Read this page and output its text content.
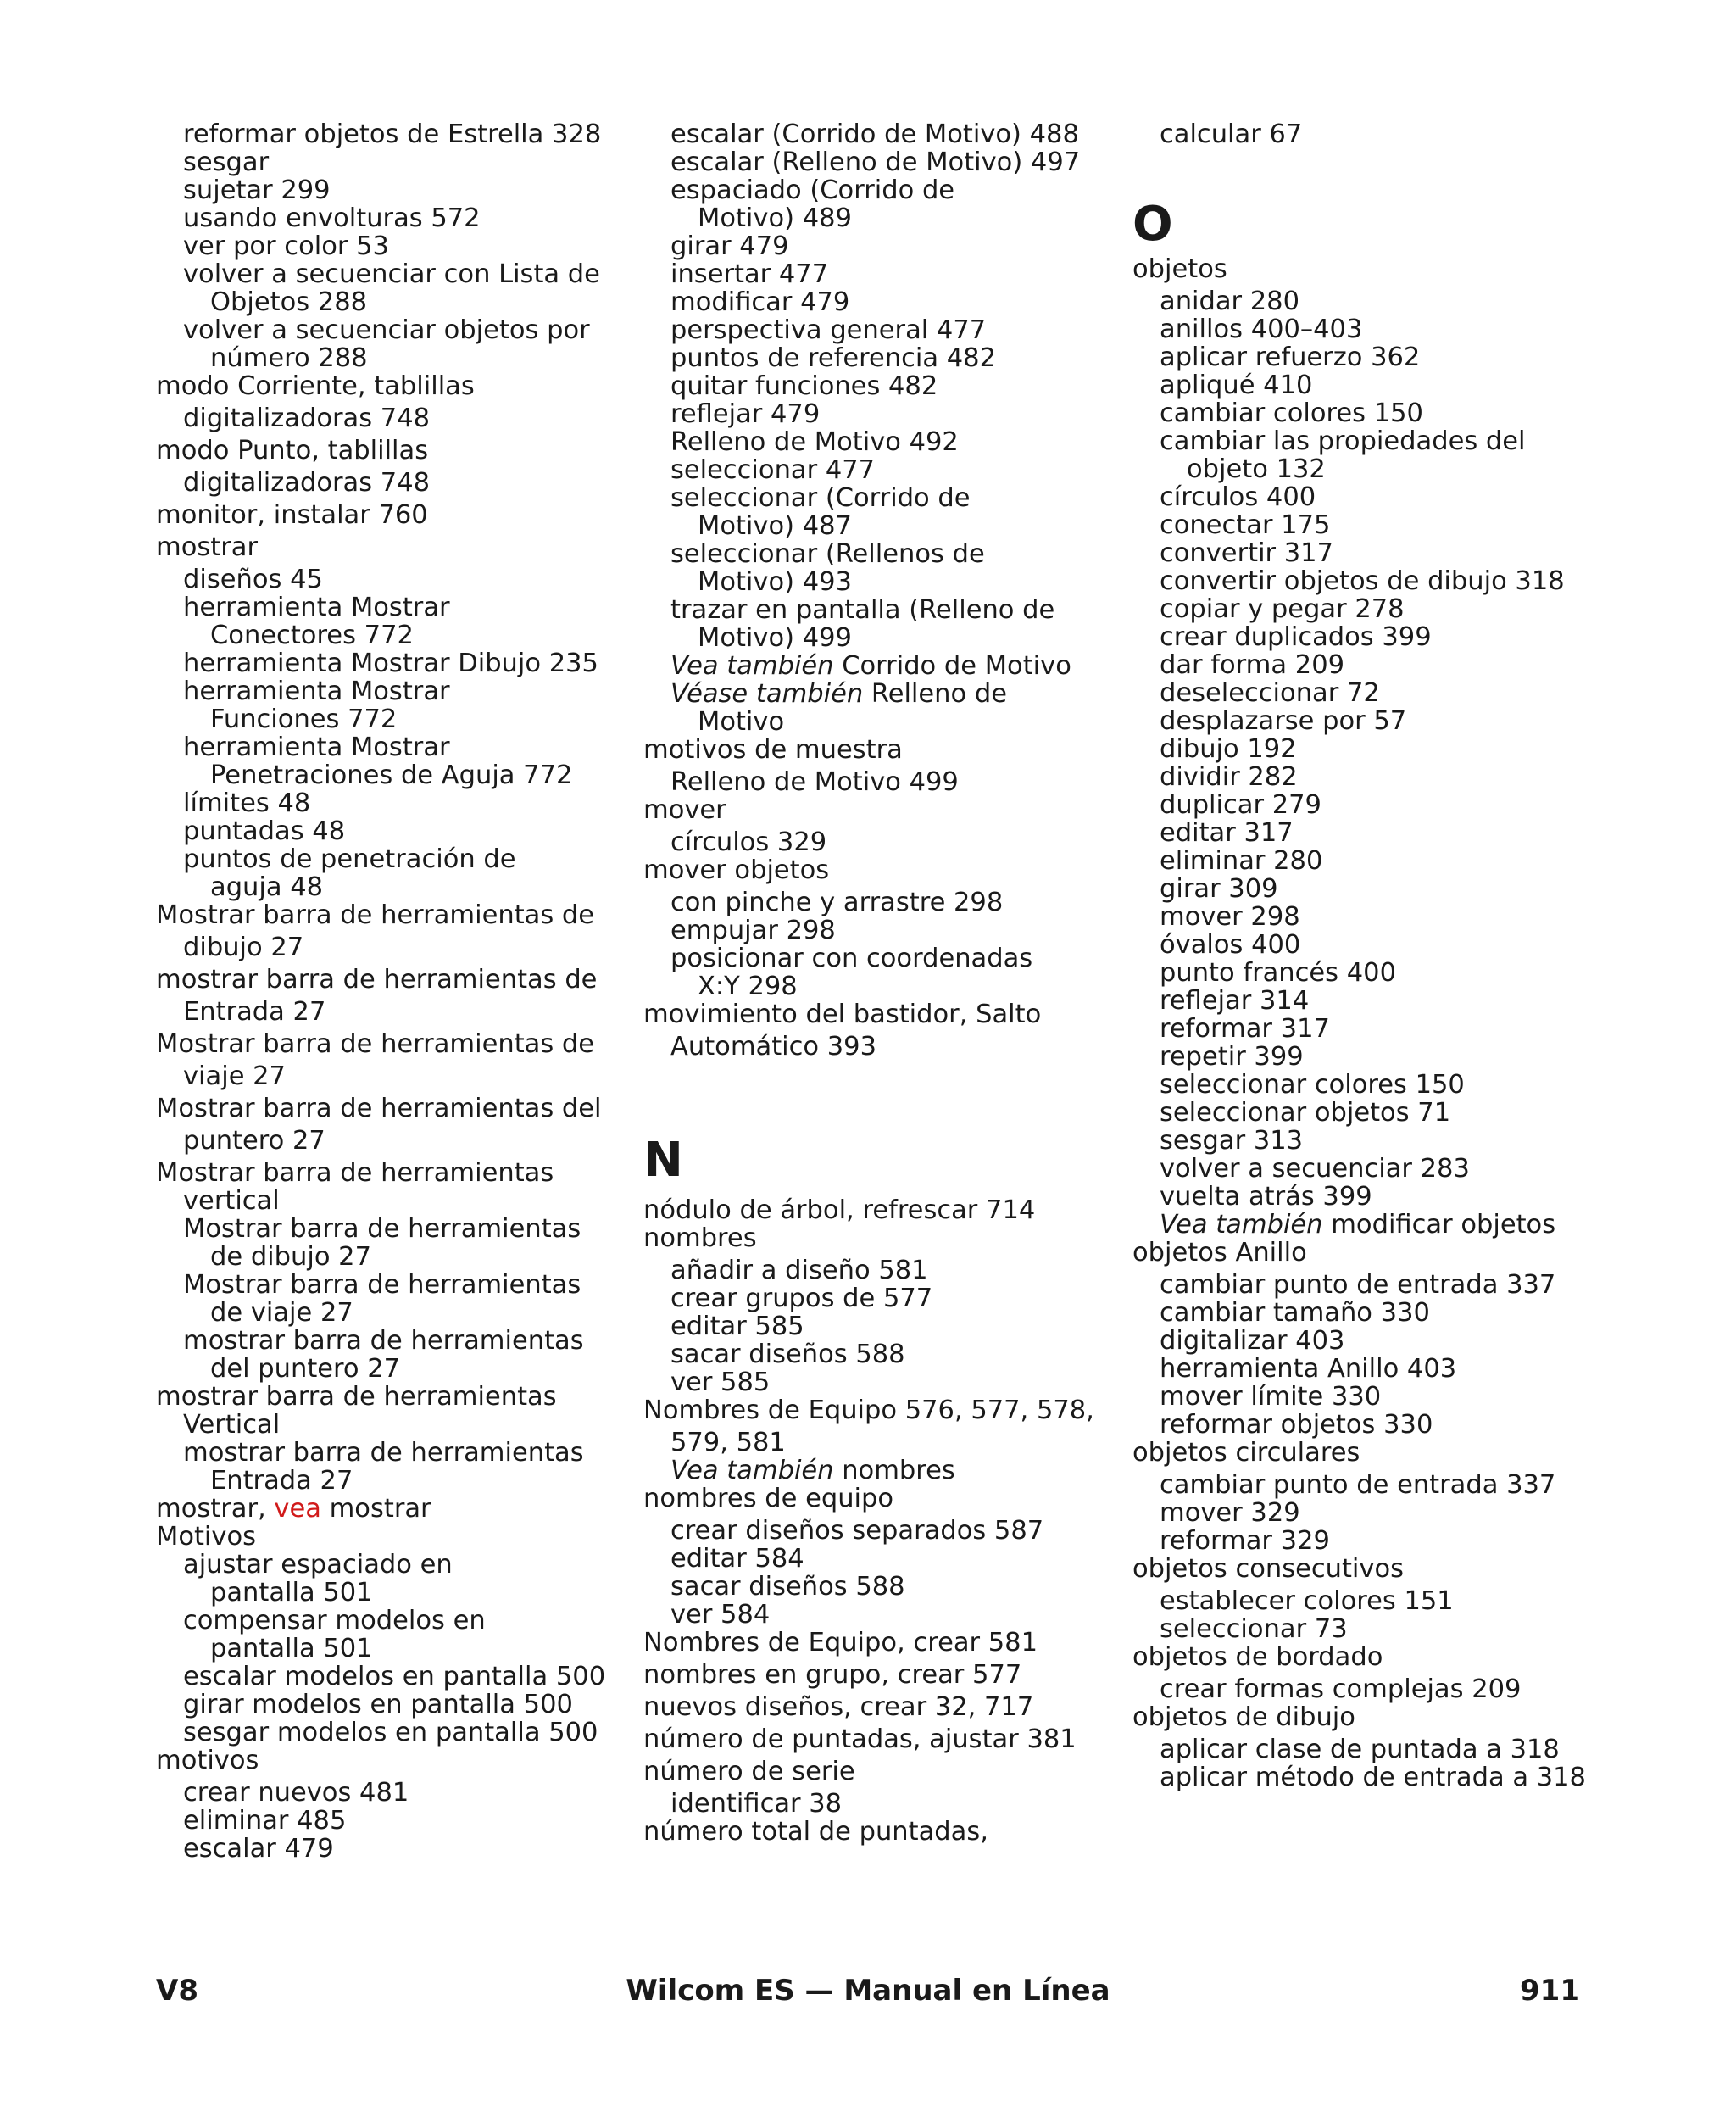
reformar objetos de Estrella 328
sesgar
sujetar 299
usando envolturas 572
ver por color 53
volver a secuenciar con Lista de
Objetos 288
volver a secuenciar objetos por
número 288
modo Corriente, tablillas
digitalizadoras 748
modo Punto, tablillas
digitalizadoras 748
monitor, instalar 760
mostrar
diseños 45
herramienta Mostrar
Conectores 772
herramienta Mostrar Dibujo 235
herramienta Mostrar
Funciones 772
herramienta Mostrar
Penetraciones de Aguja 772
límites 48
puntadas 48
puntos de penetración de
aguja 48
Mostrar barra de herramientas de
dibujo 27
mostrar barra de herramientas de
Entrada 27
Mostrar barra de herramientas de
viaje 27
Mostrar barra de herramientas del
puntero 27
Mostrar barra de herramientas
vertical
Mostrar barra de herramientas
de dibujo 27
Mostrar barra de herramientas
de viaje 27
mostrar barra de herramientas
del puntero 27
mostrar barra de herramientas
Vertical
mostrar barra de herramientas
Entrada 27
mostrar, vea mostrar
Motivos
ajustar espaciado en
pantalla 501
compensar modelos en
pantalla 501
escalar modelos en pantalla 500
girar modelos en pantalla 500
sesgar modelos en pantalla 500
motivos
crear nuevos 481
eliminar 485
escalar 479
escalar (Corrido de Motivo) 488
escalar (Relleno de Motivo) 497
espaciado (Corrido de
Motivo) 489
girar 479
insertar 477
modificar 479
perspectiva general 477
puntos de referencia 482
quitar funciones 482
reflejar 479
Relleno de Motivo 492
seleccionar 477
seleccionar (Corrido de
Motivo) 487
seleccionar (Rellenos de
Motivo) 493
trazar en pantalla (Relleno de
Motivo) 499
Vea también Corrido de Motivo
Véase también Relleno de
Motivo
motivos de muestra
Relleno de Motivo 499
mover
círculos 329
mover objetos
con pinche y arrastre 298
empujar 298
posicionar con coordenadas
X:Y 298
movimiento del bastidor, Salto
Automático 393
N
nódulo de árbol, refrescar 714
nombres
añadir a diseño 581
crear grupos de 577
editar 585
sacar diseños 588
ver 585
Nombres de Equipo 576, 577, 578,
579, 581
Vea también nombres
nombres de equipo
crear diseños separados 587
editar 584
sacar diseños 588
ver 584
Nombres de Equipo, crear 581
nombres en grupo, crear 577
nuevos diseños, crear 32, 717
número de puntadas, ajustar 381
número de serie
identificar 38
número total de puntadas,
calcular 67
O
objetos
anidar 280
anillos 400–403
aplicar refuerzo 362
apliqué 410
cambiar colores 150
cambiar las propiedades del
objeto 132
círculos 400
conectar 175
convertir 317
convertir objetos de dibujo 318
copiar y pegar 278
crear duplicados 399
dar forma 209
deseleccionar 72
desplazarse por 57
dibujo 192
dividir 282
duplicar 279
editar 317
eliminar 280
girar 309
mover 298
óvalos 400
punto francés 400
reflejar 314
reformar 317
repetir 399
seleccionar colores 150
seleccionar objetos 71
sesgar 313
volver a secuenciar 283
vuelta atrás 399
Vea también modificar objetos
objetos Anillo
cambiar punto de entrada 337
cambiar tamaño 330
digitalizar 403
herramienta Anillo 403
mover límite 330
reformar objetos 330
objetos circulares
cambiar punto de entrada 337
mover 329
reformar 329
objetos consecutivos
establecer colores 151
seleccionar 73
objetos de bordado
crear formas complejas 209
objetos de dibujo
aplicar clase de puntada a 318
aplicar método de entrada a 318
V8	Wilcom ES — Manual en Línea	911
